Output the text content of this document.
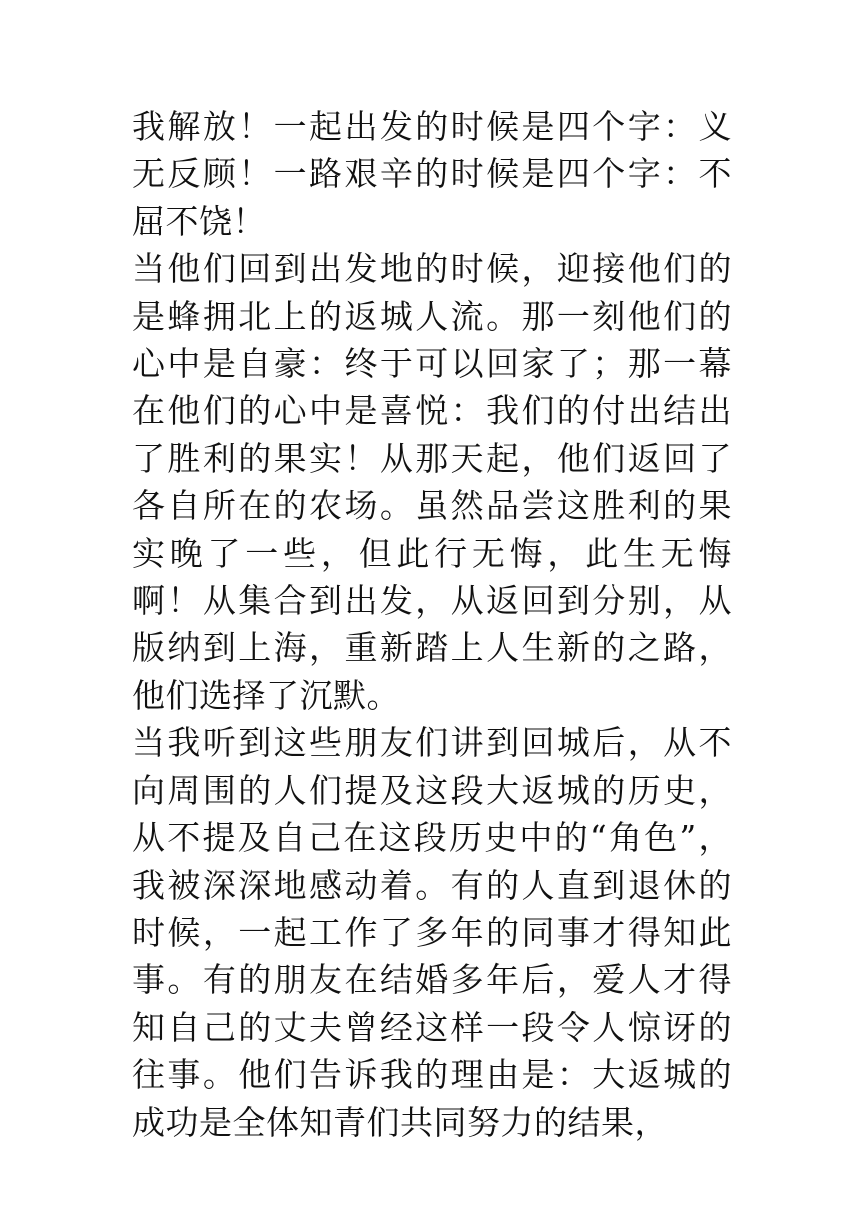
我解放！一起出发的时候是四个字：义无反顾！一路艰辛的时候是四个字：不屈不饶！

当他们回到出发地的时候，迎接他们的是蜂拥北上的返城人流。那一刻他们的心中是自豪：终于可以回家了；那一幕在他们的心中是喜悦：我们的付出结出了胜利的果实！从那天起，他们返回了各自所在的农场。虽然品尝这胜利的果实晚了一些，但此行无悔，此生无悔啊！从集合到出发，从返回到分别，从版纳到上海，重新踏上人生新的之路，他们选择了沉默。

当我听到这些朋友们讲到回城后，从不向周围的人们提及这段大返城的历史，从不提及自己在这段历史中的“角色”，我被深深地感动着。有的人直到退休的时候，一起工作了多年的同事才得知此事。有的朋友在结婚多年后，爱人才得知自己的丈夫曾经这样一段令人惊讶的往事。他们告诉我的理由是：大返城的成功是全体知青们共同努力的结果，
